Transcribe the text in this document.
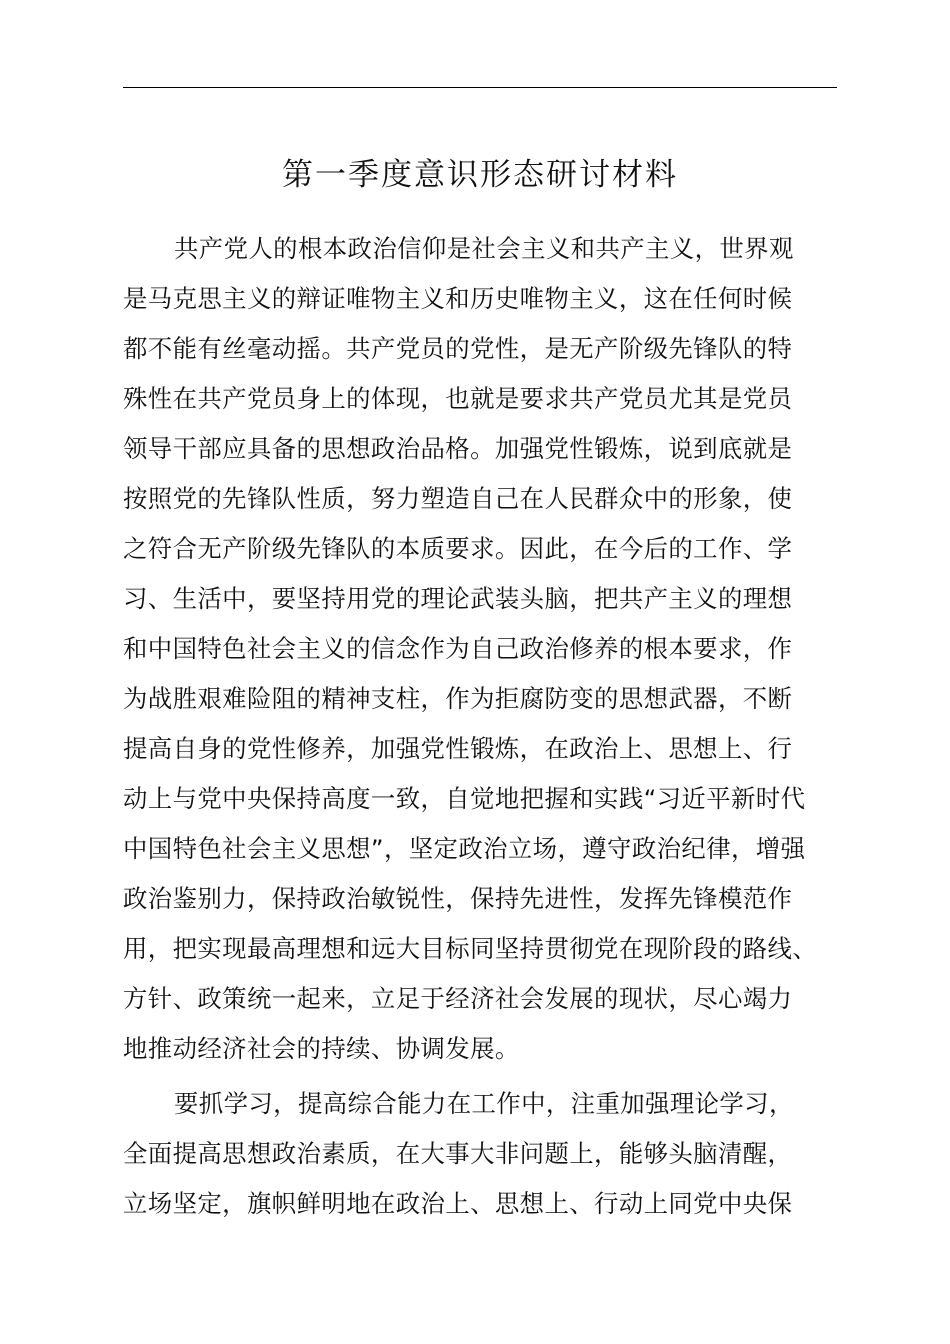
第一季度意识形态研讨材料
共产党人的根本政治信仰是社会主义和共产主义，世界观
是马克思主义的辩证唯物主义和历史唯物主义，这在任何时候
都不能有丝毫动摇。共产党员的党性，是无产阶级先锋队的特
殊性在共产党员身上的体现，也就是要求共产党员尤其是党员
领导干部应具备的思想政治品格。加强党性锻炼，说到底就是
按照党的先锋队性质，努力塑造自己在人民群众中的形象，使
之符合无产阶级先锋队的本质要求。因此，在今后的工作、学
习、生活中，要坚持用党的理论武装头脑，把共产主义的理想
和中国特色社会主义的信念作为自己政治修养的根本要求，作
为战胜艰难险阻的精神支柱，作为拒腐防变的思想武器，不断
提高自身的党性修养，加强党性锻炼，在政治上、思想上、行
动上与党中央保持高度一致，自觉地把握和实践“习近平新时代
中国特色社会主义思想”，坚定政治立场，遵守政治纪律，增强
政治鉴别力，保持政治敏锐性，保持先进性，发挥先锋模范作
用，把实现最高理想和远大目标同坚持贯彻党在现阶段的路线、
方针、政策统一起来，立足于经济社会发展的现状，尽心竭力
地推动经济社会的持续、协调发展。
要抓学习，提高综合能力在工作中，注重加强理论学习，
全面提高思想政治素质，在大事大非问题上，能够头脑清醒，
立场坚定，旗帜鲜明地在政治上、思想上、行动上同党中央保
